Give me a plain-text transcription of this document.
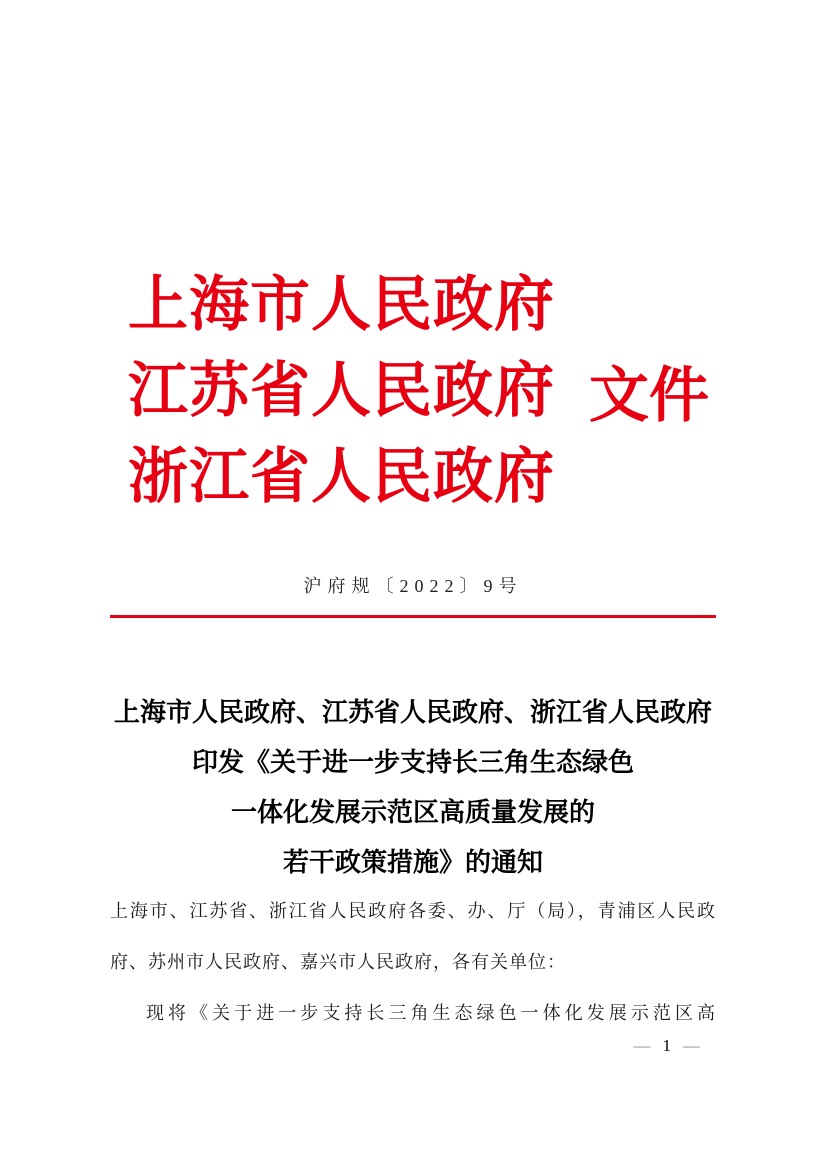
上海市人民政府
江苏省人民政府
浙江省人民政府
文件
沪府规〔2022〕9号
上海市人民政府、江苏省人民政府、浙江省人民政府
印发《关于进一步支持长三角生态绿色
一体化发展示范区高质量发展的
若干政策措施》的通知
上海市、江苏省、浙江省人民政府各委、办、厅（局），青浦区人民政
府、苏州市人民政府、嘉兴市人民政府，各有关单位：
现将《关于进一步支持长三角生态绿色一体化发展示范区高
— 1 —
